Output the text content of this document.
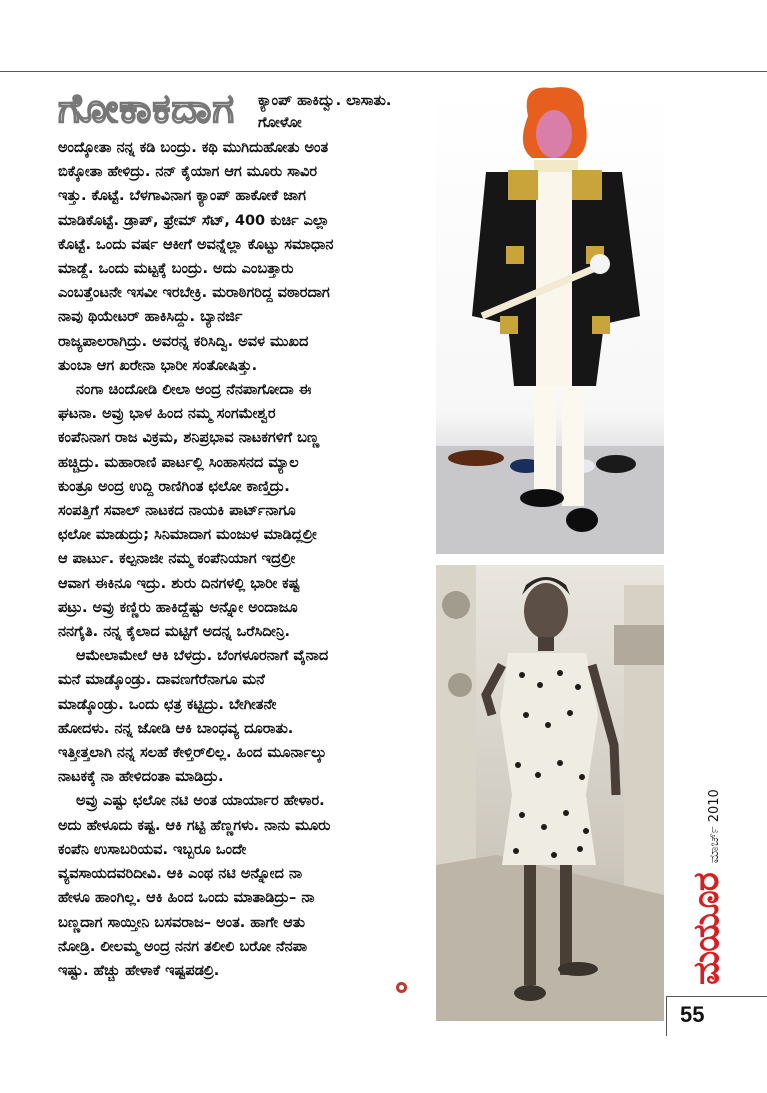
ಗೋಕಾಕದಾಗ ಕ್ಯಾಂಪ್ ಹಾಕಿದ್ವು. ಲಾಸಾತು. ಗೋಳೋ
ಅಂದ್ಕೋತಾ ನನ್ನ ಕಡಿ ಬಂದ್ರು. ಕಥಿ ಮುಗಿದುಹೋತು ಅಂತ
ಬಿಕ್ಕೋತಾ ಹೇಳಿದ್ರು. ನನ್ ಕೈಯಾಗ ಆಗ ಮೂರು ಸಾವಿರ
ಇತ್ತು. ಕೊಟ್ಟೆ. ಬೆಳಗಾವಿನಾಗ ಕ್ಯಾಂಪ್ ಹಾಕೋಕೆ ಜಾಗ
ಮಾಡಿಕೊಟ್ಟೆ. ಡ್ರಾಪ್, ಫ್ರೇಮ್ ಸೆಟ್, 400 ಕುರ್ಚಿ ಎಲ್ಲಾ
ಕೊಟ್ಟೆ. ಒಂದು ವರ್ಷ ಆಕೀಗೆ ಅವನ್ನೆಲ್ಲಾ ಕೊಟ್ಟು ಸಮಾಧಾನ
ಮಾಡ್ದೆ. ಒಂದು ಮಟ್ಟಕ್ಕೆ ಬಂದ್ರು. ಅದು ಎಂಬತ್ತಾರು
ಎಂಬತ್ತೆಂಟನೇ ಇಸವೀ ಇರಬೇಕ್ರಿ. ಮರಾಠಿಗರಿದ್ದ ವಠಾರದಾಗ
ನಾವು ಥಿಯೇಟರ್ ಹಾಕಿಸಿದ್ದು. ಬ್ಯಾನರ್ಜಿ
ರಾಜ್ಯಪಾಲರಾಗಿದ್ರು. ಅವರನ್ನ ಕರಿಸಿದ್ವಿ. ಅವಳ ಮುಖದ
ತುಂಬಾ ಆಗ ಖರೇನಾ ಭಾರೀ ಸಂತೋಷಿತ್ತು.
ನಂಗಾ ಚಿಂದೋಡಿ ಲೀಲಾ ಅಂದ್ರ ನೆನಪಾಗೋದಾ ಈ
ಘಟನಾ. ಅವ್ರು ಭಾಳ ಹಿಂದ ನಮ್ಮ ಸಂಗಮೇಶ್ವರ
ಕಂಪೆನಿನಾಗ ರಾಜ ವಿಕ್ರಮ, ಶನಿಪ್ರಭಾವ ನಾಟಕಗಳಿಗೆ ಬಣ್ಣ
ಹಚ್ಚಿದ್ರು. ಮಹಾರಾಣಿ ಪಾರ್ಟಲ್ಲಿ ಸಿಂಹಾಸನದ ಮ್ಯಾಲ
ಕುಂತ್ರೂ ಅಂದ್ರ ಉದ್ದಿ ರಾಣಿಗಿಂತ ಛಲೋ ಕಾಣ್ತಿದ್ರು.
ಸಂಪತ್ತಿಗೆ ಸವಾಲ್ ನಾಟಕದ ನಾಯಕಿ ಪಾರ್ಟ್‌ನಾಗೂ
ಛಲೋ ಮಾಡುದ್ರು; ಸಿನಿಮಾದಾಗ ಮಂಜುಳ ಮಾಡಿದ್ಲಲ್ರೀ
ಆ ಪಾರ್ಟು. ಕಲ್ಪನಾಜೀ ನಮ್ಮ ಕಂಪೆನಿಯಾಗ ಇದ್ರಲ್ರೀ
ಆವಾಗ ಈಕಿನೂ ಇದ್ರು. ಶುರು ದಿನಗಳಲ್ಲಿ ಭಾರೀ ಕಷ್ಟ
ಪಟ್ರು. ಅವ್ರು ಕಣ್ಣಿರು ಹಾಕಿದ್ದೆಷ್ಟು ಅನ್ನೋ ಅಂದಾಜೂ
ನನಗೈತಿ. ನನ್ನ ಕೈಲಾದ ಮಟ್ಟಿಗೆ ಅದನ್ನ ಒರೆಸಿದೀನ್ರಿ.
ಆಮೇಲಾಮೇಲೆ ಆಕಿ ಬೆಳದ್ರು. ಬೆಂಗಳೂರನಾಗೆ ವೈನಾದ
ಮನೆ ಮಾಡ್ಕೊಂಡ್ರು. ದಾವಣಗೆರೆನಾಗೂ ಮನೆ
ಮಾಡ್ಕೊಂಡ್ರು. ಒಂದು ಛತ್ರ ಕಟ್ಟಿದ್ರು. ಬೇಗೀತನೇ
ಹೋದಳು. ನನ್ನ ಜೋಡಿ ಆಕಿ ಬಾಂಧವ್ಯ ದೂರಾತು.
ಇತ್ತೀತ್ತಲಾಗಿ ನನ್ನ ಸಲಹೆ ಕೇಳ್ತಿರ್‌ಲಿಲ್ಲ. ಹಿಂದ ಮೂರ್ನಾಲ್ಕು
ನಾಟಕಕ್ಕೆ ನಾ ಹೇಳಿದಂತಾ ಮಾಡಿದ್ರು.
ಅವ್ರು ಎಷ್ಟು ಛಲೋ ನಟಿ ಅಂತ ಯಾರ್ಯಾರ ಹೇಳಾರ.
ಅದು ಹೇಳೂದು ಕಷ್ಟ. ಆಕಿ ಗಟ್ಟಿ ಹೆಣ್ಣಗಳು. ನಾನು ಮೂರು
ಕಂಪೆನಿ ಉಸಾಬರಿಯವ. ಇಬ್ಬರೂ ಒಂದೇ
ವ್ಯವಸಾಯದವರಿದೀವಿ. ಆಕಿ ಎಂಥ ನಟಿ ಅನ್ನೋದ ನಾ
ಹೇಳೂ ಹಾಂಗಿಲ್ಲ. ಆಕಿ ಹಿಂದ ಒಂದು ಮಾತಾಡಿದ್ರು– ನಾ
ಬಣ್ಣದಾಗ ಸಾಯ್ತೀನಿ ಬಸವರಾಜ– ಅಂತ. ಹಾಗೇ ಆತು
ನೋಡ್ರಿ. ಲೀಲಮ್ಮ ಅಂದ್ರ ನನಗ ತಲೀಲಿ ಬರೋ ನೆನಪಾ
ಇಷ್ಟು. ಹೆಚ್ಚು ಹೇಳಾಕೆ ಇಷ್ಟಪಡಲ್ರಿ.	ಮಯೂರ
ಮಾರ್ಚ್ 2010
55
